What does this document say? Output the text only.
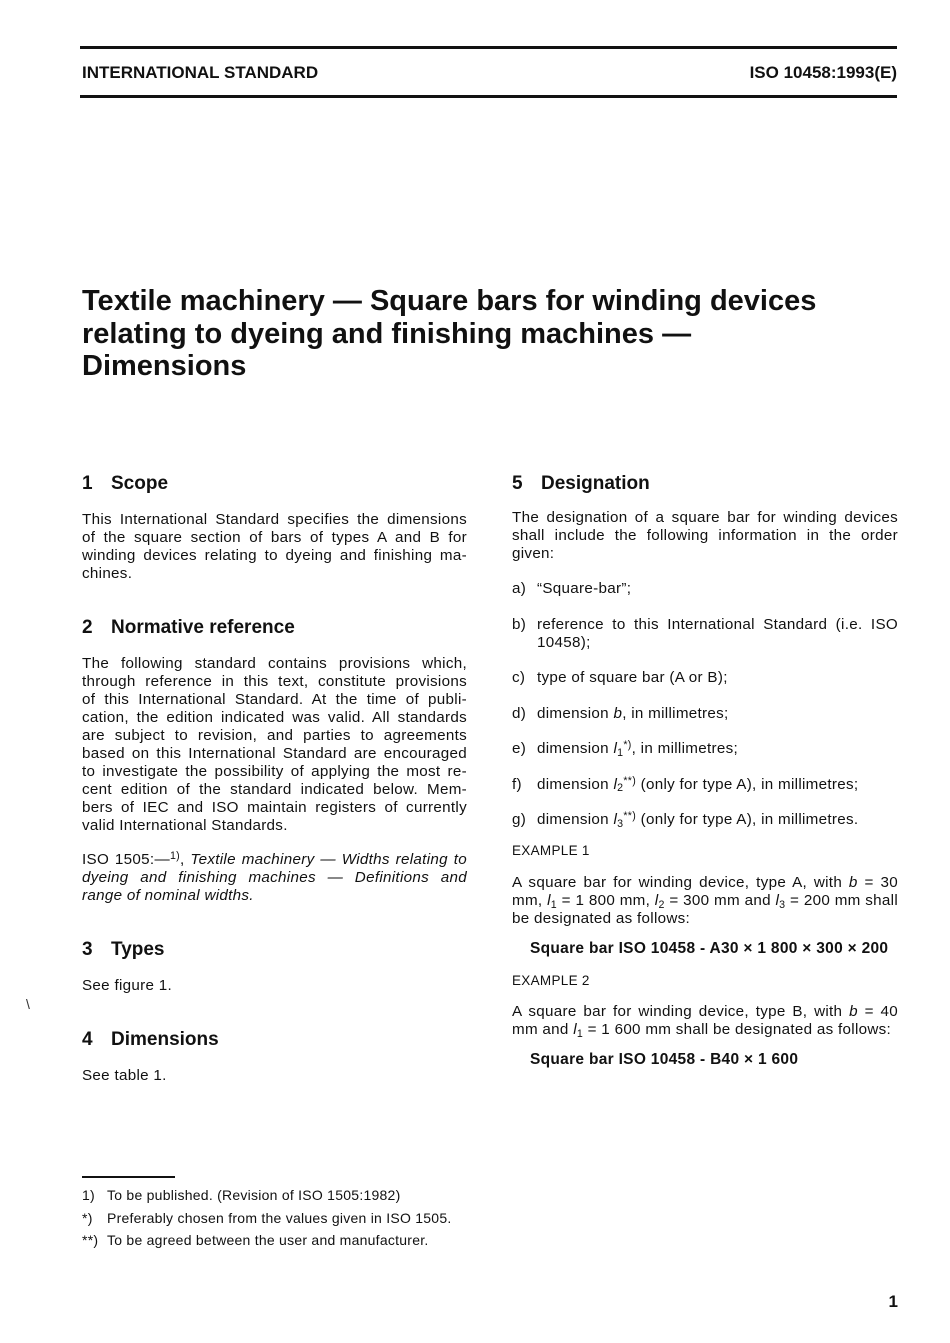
INTERNATIONAL STANDARD	ISO 10458:1993(E)
Textile machinery — Square bars for winding devices relating to dyeing and finishing machines —
Dimensions
\
1 Scope
This International Standard specifies the dimensions
of the square section of bars of types A and B for
winding devices relating to dyeing and finishing ma-
chines.
2 Normative reference
The following standard contains provisions which,
through reference in this text, constitute provisions
of this International Standard. At the time of publi-
cation, the edition indicated was valid. All standards
are subject to revision, and parties to agreements
based on this International Standard are encouraged
to investigate the possibility of applying the most re-
cent edition of the standard indicated below. Mem-
bers of IEC and ISO maintain registers of currently
valid International Standards.
ISO 1505:—$^{1)}$, Textile machinery — Widths relating to
dyeing and finishing machines — Definitions and
range of nominal widths.
3 Types
See figure 1.
4 Dimensions
See table 1.
5 Designation
The designation of a square bar for winding devices
shall include the following information in the order
given:
a) “Square-bar”;
b) reference to this International Standard (i.e. ISO 10458);
c) type of square bar (A or B);
d) dimension b, in millimetres;
e) dimension $l_1^{*)}$, in millimetres;
f) dimension $l_2^{**)}$ (only for type A), in millimetres;
g) dimension $l_3^{**)}$ (only for type A), in millimetres.
EXAMPLE 1
A square bar for winding device, type A, with b = 30 mm, $l_1 = 1$ 800 mm, $l_2 = 300$ mm and $l_3 = 200$ mm shall be designated as follows:
Square bar ISO 10458 - A30 × 1 800 × 300 × 200
EXAMPLE 2
A square bar for winding device, type B, with b = 40 mm and $l_1 = 1$ 600 mm shall be designated as follows:
Square bar ISO 10458 - B40 × 1 600
1) To be published. (Revision of ISO 1505:1982)
*) Preferably chosen from the values given in ISO 1505.
**) To be agreed between the user and manufacturer.
1
